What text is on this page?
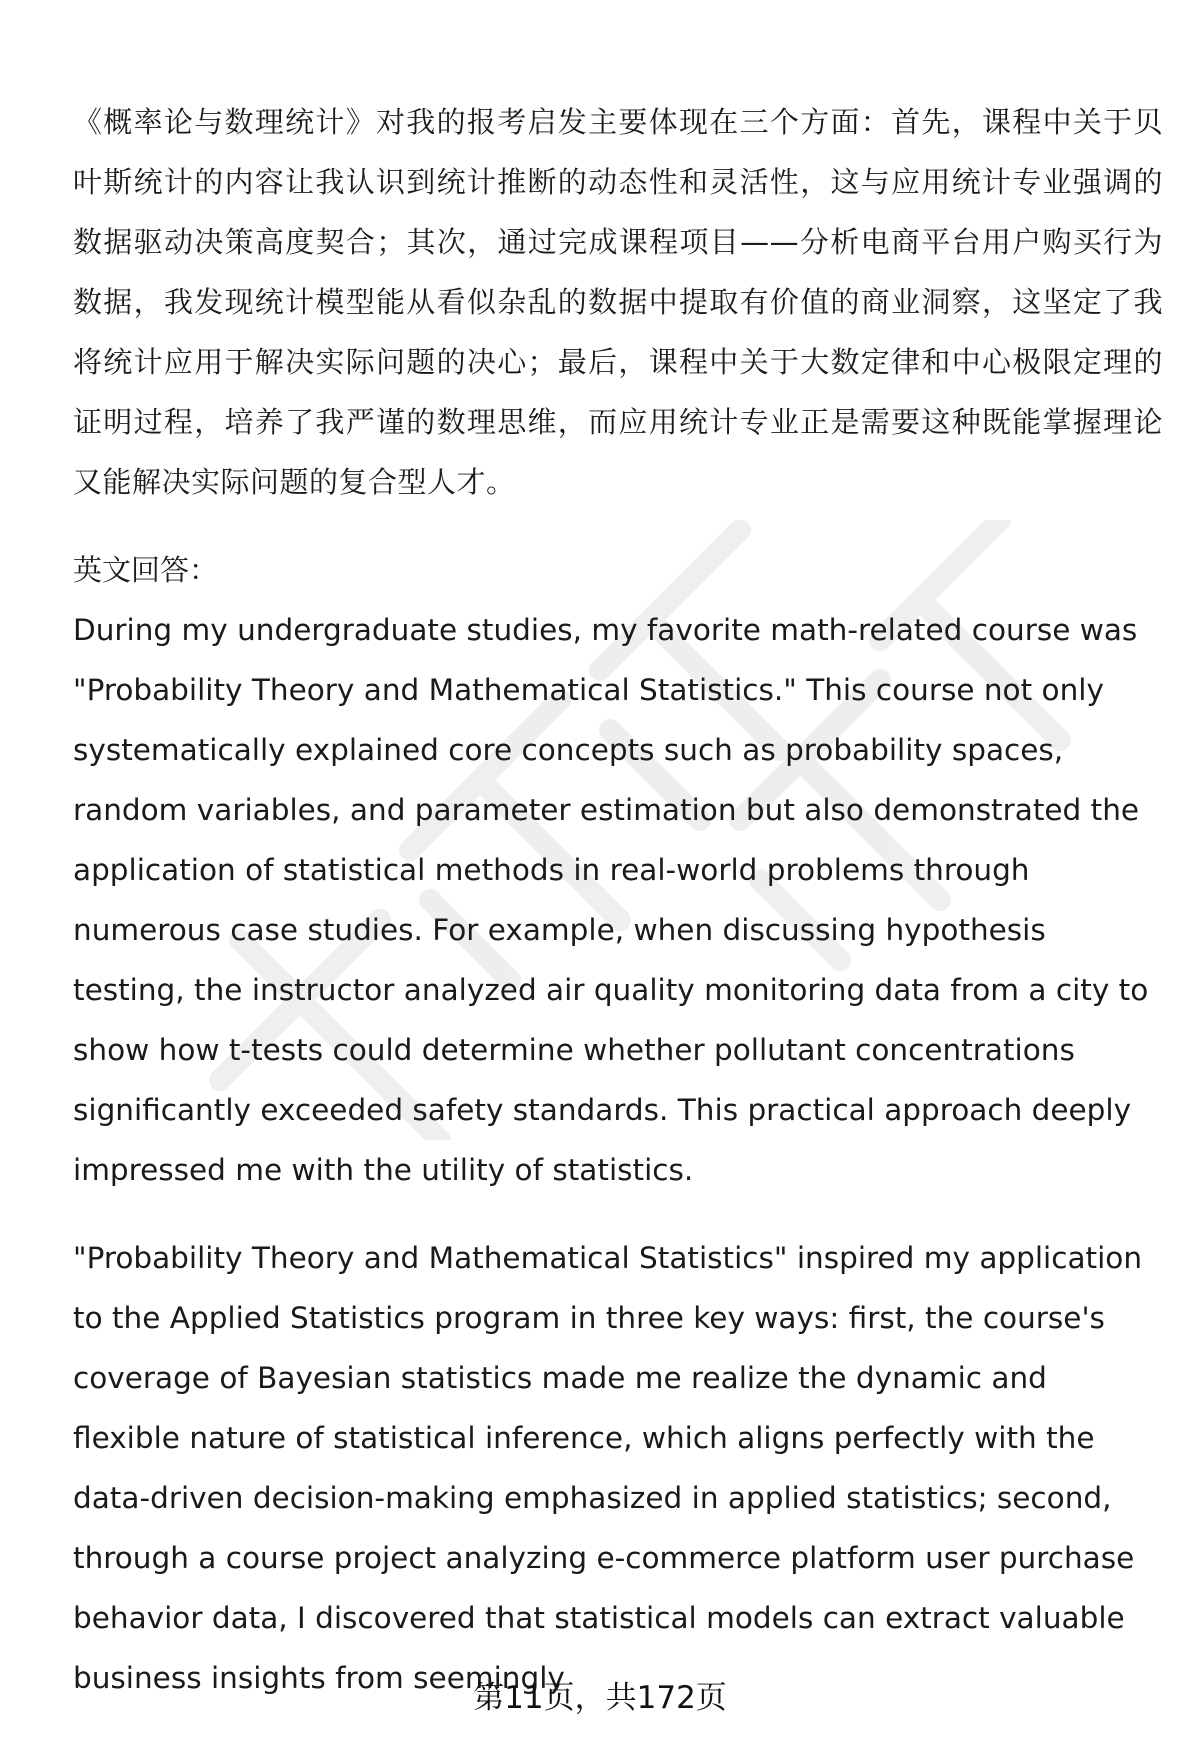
《概率论与数理统计》对我的报考启发主要体现在三个方面：首先，课程中关于贝叶斯统计的内容让我认识到统计推断的动态性和灵活性，这与应用统计专业强调的数据驱动决策高度契合；其次，通过完成课程项目——分析电商平台用户购买行为数据，我发现统计模型能从看似杂乱的数据中提取有价值的商业洞察，这坚定了我将统计应用于解决实际问题的决心；最后，课程中关于大数定律和中心极限定理的证明过程，培养了我严谨的数理思维，而应用统计专业正是需要这种既能掌握理论又能解决实际问题的复合型人才。

英文回答：

During my undergraduate studies, my favorite math-related course was "Probability Theory and Mathematical Statistics." This course not only systematically explained core concepts such as probability spaces, random variables, and parameter estimation but also demonstrated the application of statistical methods in real-world problems through numerous case studies. For example, when discussing hypothesis testing, the instructor analyzed air quality monitoring data from a city to show how t-tests could determine whether pollutant concentrations significantly exceeded safety standards. This practical approach deeply impressed me with the utility of statistics.

"Probability Theory and Mathematical Statistics" inspired my application to the Applied Statistics program in three key ways: first, the course's coverage of Bayesian statistics made me realize the dynamic and flexible nature of statistical inference, which aligns perfectly with the data-driven decision-making emphasized in applied statistics; second, through a course project analyzing e-commerce platform user purchase behavior data, I discovered that statistical models can extract valuable business insights from seemingly

第11页，共172页
